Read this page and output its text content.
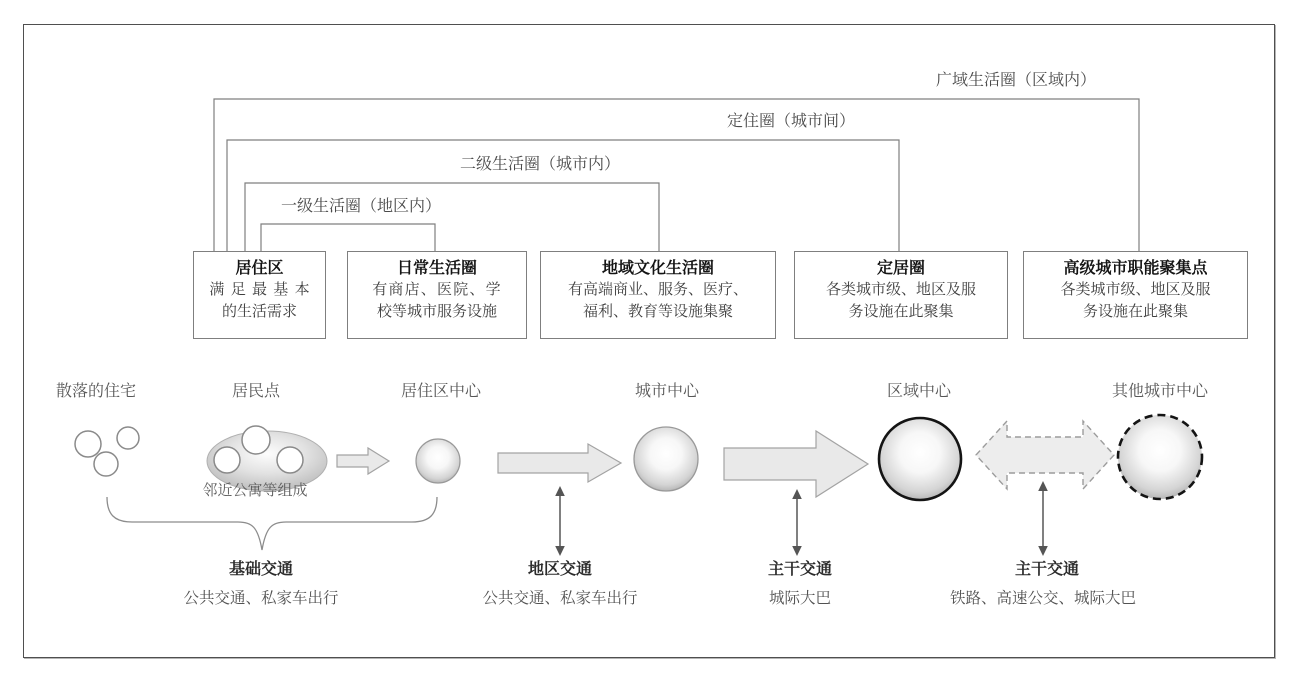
广域生活圈（区域内）
定住圈（城市间）
二级生活圈（城市内）
一级生活圈（地区内）
居住区
满足最基本
的生活需求
日常生活圈
有商店、医院、学
校等城市服务设施
地域文化生活圈
有高端商业、服务、医疗、
福利、教育等设施集聚
定居圈
各类城市级、地区及服
务设施在此聚集
高级城市职能聚集点
各类城市级、地区及服
务设施在此聚集
散落的住宅	居民点	居住区中心	城市中心	区域中心	其他城市中心
邻近公寓等组成
基础交通
公共交通、私家车出行
地区交通
公共交通、私家车出行
主干交通
城际大巴
主干交通
铁路、高速公交、城际大巴
